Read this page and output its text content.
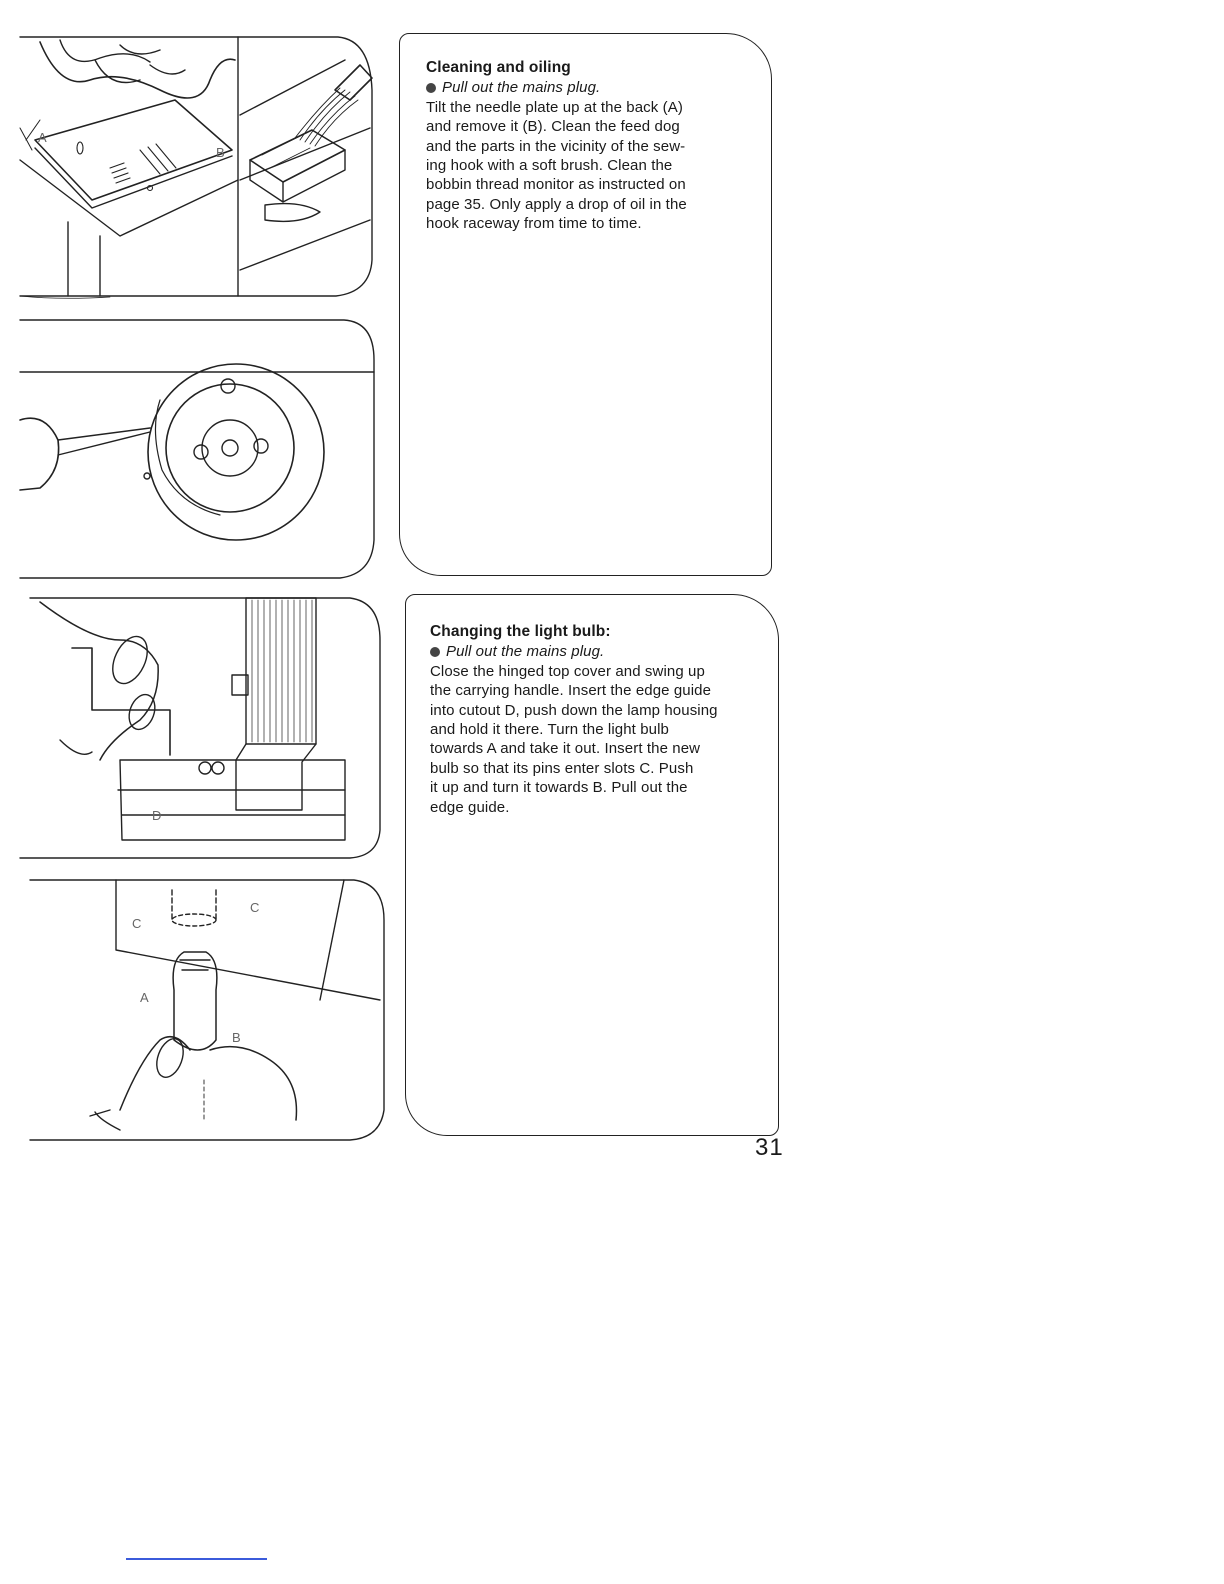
A
B
D
C
C
A
B
Cleaning and oiling
Pull out the mains plug.
Tilt the needle plate up at the back (A)
and remove it (B). Clean the feed dog
and the parts in the vicinity of the sew-
ing hook with a soft brush. Clean the
bobbin thread monitor as instructed on
page 35. Only apply a drop of oil in the
hook raceway from time to time.
Changing the light bulb:
Pull out the mains plug.
Close the hinged top cover and swing up
the carrying handle. Insert the edge guide
into cutout D, push down the lamp housing
and hold it there. Turn the light bulb
towards A and take it out. Insert the new
bulb so that its pins enter slots C. Push
it up and turn it towards B. Pull out the
edge guide.
31
